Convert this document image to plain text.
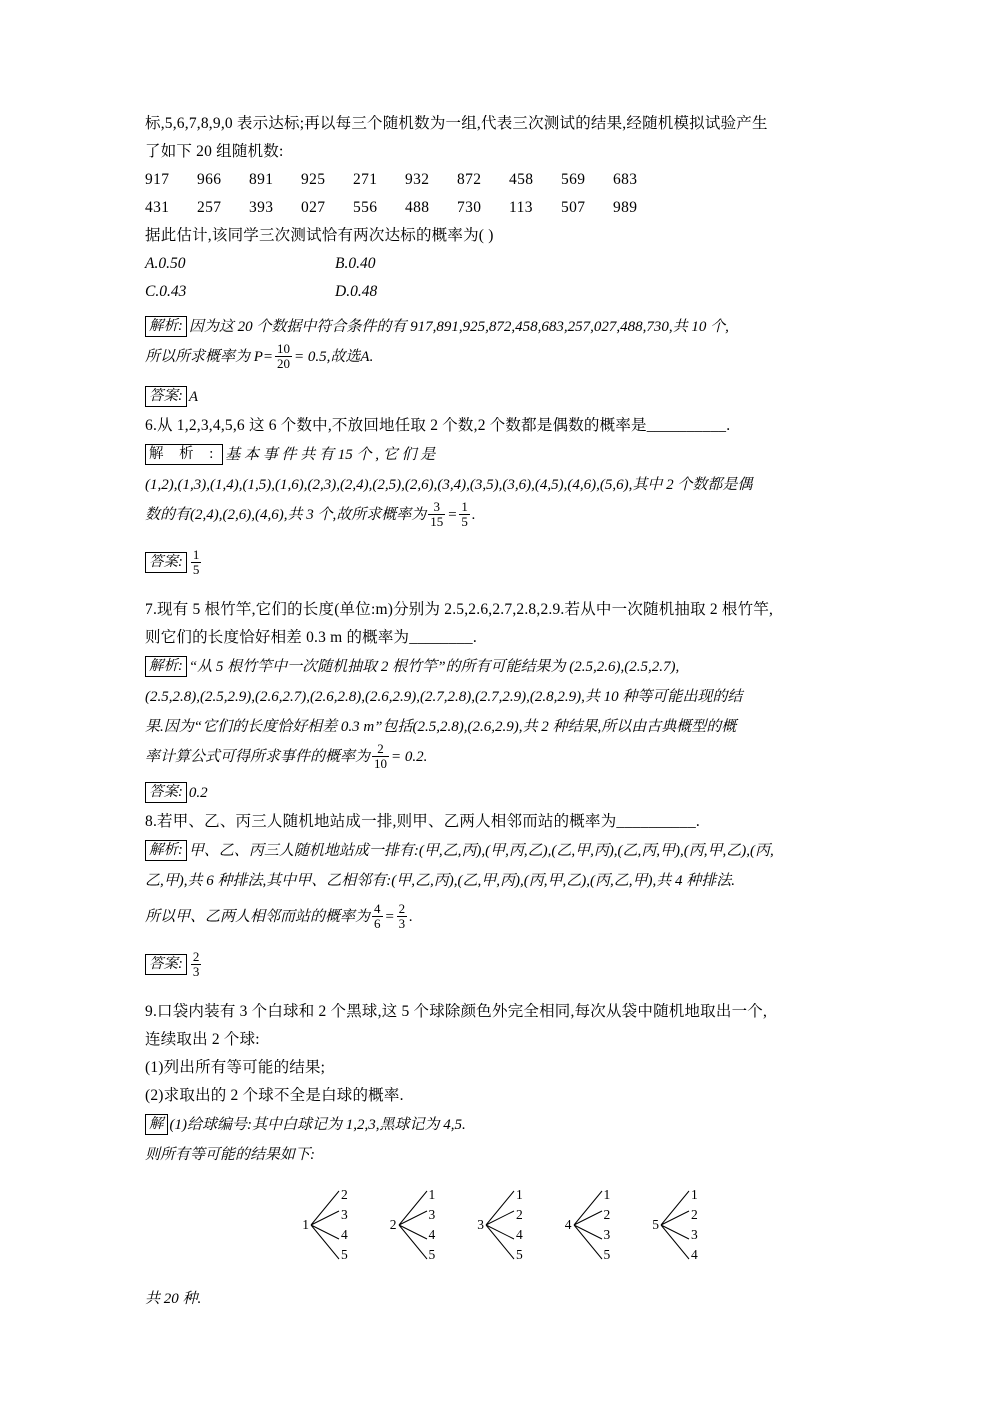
标,5,6,7,8,9,0 表示达标;再以每三个随机数为一组,代表三次测试的结果,经随机模拟试验产生
了如下 20 组随机数:
917 966 891 925 271 932 872 458 569 683
431 257 393 027 556 488 730 113 507 989
据此估计,该同学三次测试恰有两次达标的概率为( )
A.0.50	B.0.40
C.0.43	D.0.48
解析: 因为这 20 个数据中符合条件的有 917,891,925,872,458,683,257,027,488,730,共 10 个,
所以所求概率为 $P= \frac{10}{20} = 0.5$,故选A.
答案: A
6.从 1,2,3,4,5,6 这 6 个数中,不放回地任取 2 个数,2 个数都是偶数的概率是__________.
解 析 : 基 本 事 件 共 有 15 个 , 它 们 是
(1,2),(1,3),(1,4),(1,5),(1,6),(2,3),(2,4),(2,5),(2,6),(3,4),(3,5),(3,6),(4,5),(4,6),(5,6),其中 2 个数都是偶
数的有(2,4),(2,6),(4,6),共 3 个,故所求概率为 $\frac{3}{15} = \frac{1}{5}$ .
答案: $\frac{1}{5}$
7.现有 5 根竹竿,它们的长度(单位:m)分别为 2.5,2.6,2.7,2.8,2.9.若从中一次随机抽取 2 根竹竿,
则它们的长度恰好相差 0.3 m 的概率为________.
解析: “从 5 根竹竿中一次随机抽取 2 根竹竿”的所有可能结果为 (2.5,2.6),(2.5,2.7),
(2.5,2.8),(2.5,2.9),(2.6,2.7),(2.6,2.8),(2.6,2.9),(2.7,2.8),(2.7,2.9),(2.8,2.9),共 10 种等可能出现的结
果.因为“它们的长度恰好相差 0.3 m”包括(2.5,2.8),(2.6,2.9),共 2 种结果,所以由古典概型的概
率计算公式可得所求事件的概率为 $\frac{2}{10} = 0.2$.
答案: 0.2
8.若甲、乙、丙三人随机地站成一排,则甲、乙两人相邻而站的概率为__________.
解析: 甲、乙、丙三人随机地站成一排有:(甲,乙,丙),(甲,丙,乙),(乙,甲,丙),(乙,丙,甲),(丙,甲,乙),(丙,
乙,甲),共 6 种排法,其中甲、乙相邻有:(甲,乙,丙),(乙,甲,丙),(丙,甲,乙),(丙,乙,甲),共 4 种排法.
所以甲、乙两人相邻而站的概率为 $\frac{4}{6} = \frac{2}{3}$ .
答案: $\frac{2}{3}$
9.口袋内装有 3 个白球和 2 个黑球,这 5 个球除颜色外完全相同,每次从袋中随机地取出一个,
连续取出 2 个球:
(1)列出所有等可能的结果;
(2)求取出的 2 个球不全是白球的概率.
解 (1)给球编号:其中白球记为 1,2,3,黑球记为 4,5.
则所有等可能的结果如下:
1
2
3
4
5
2
1
3
4
5
3
1
2
4
5
4
1
2
3
5
5
1
2
3
4
共 20 种.
